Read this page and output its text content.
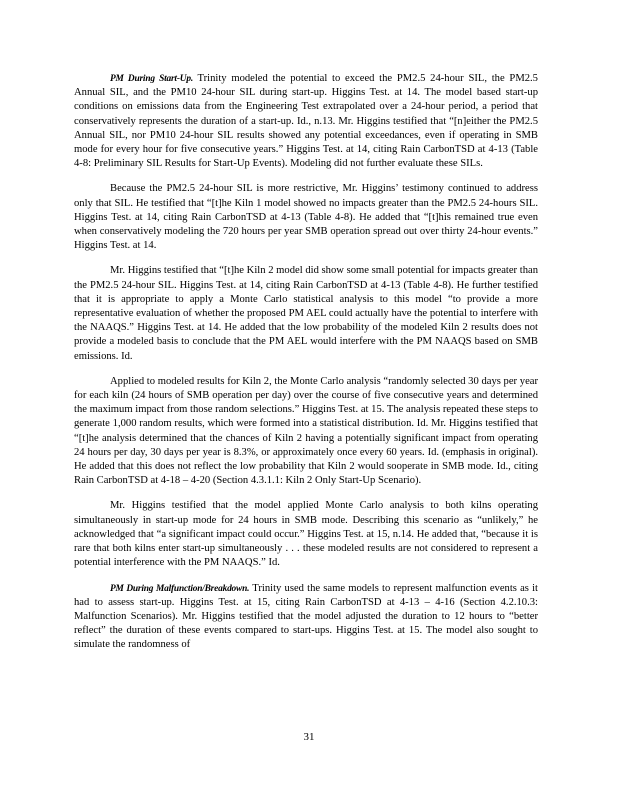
PM During Start-Up. Trinity modeled the potential to exceed the PM2.5 24-hour SIL, the PM2.5 Annual SIL, and the PM10 24-hour SIL during start-up. Higgins Test. at 14. The model based start-up conditions on emissions data from the Engineering Test extrapolated over a 24-hour period, a period that conservatively represents the duration of a start-up. Id., n.13. Mr. Higgins testified that “[n]either the PM2.5 Annual SIL, nor PM10 24-hour SIL results showed any potential exceedances, even if operating in SMB mode for every hour for five consecutive years.” Higgins Test. at 14, citing Rain CarbonTSD at 4-13 (Table 4-8: Preliminary SIL Results for Start-Up Events). Modeling did not further evaluate these SILs.

Because the PM2.5 24-hour SIL is more restrictive, Mr. Higgins’ testimony continued to address only that SIL. He testified that “[t]he Kiln 1 model showed no impacts greater than the PM2.5 24-hours SIL. Higgins Test. at 14, citing Rain CarbonTSD at 4-13 (Table 4-8). He added that “[t]his remained true even when conservatively modeling the 720 hours per year SMB operation spread out over thirty 24-hour events.” Higgins Test. at 14.

Mr. Higgins testified that “[t]he Kiln 2 model did show some small potential for impacts greater than the PM2.5 24-hour SIL. Higgins Test. at 14, citing Rain CarbonTSD at 4-13 (Table 4-8). He further testified that it is appropriate to apply a Monte Carlo statistical analysis to this model “to provide a more representative evaluation of whether the proposed PM AEL could actually have the potential to interfere with the NAAQS.” Higgins Test. at 14. He added that the low probability of the modeled Kiln 2 results does not provide a modeled basis to conclude that the PM AEL would interfere with the PM NAAQS based on SMB emissions. Id.

Applied to modeled results for Kiln 2, the Monte Carlo analysis “randomly selected 30 days per year for each kiln (24 hours of SMB operation per day) over the course of five consecutive years and determined the maximum impact from those random selections.” Higgins Test. at 15. The analysis repeated these steps to generate 1,000 random results, which were formed into a statistical distribution. Id. Mr. Higgins testified that “[t]he analysis determined that the chances of Kiln 2 having a potentially significant impact from operating 24 hours per day, 30 days per year is 8.3%, or approximately once every 60 years. Id. (emphasis in original). He added that this does not reflect the low probability that Kiln 2 would sooperate in SMB mode. Id., citing Rain CarbonTSD at 4-18 – 4-20 (Section 4.3.1.1: Kiln 2 Only Start-Up Scenario).

Mr. Higgins testified that the model applied Monte Carlo analysis to both kilns operating simultaneously in start-up mode for 24 hours in SMB mode. Describing this scenario as “unlikely,” he acknowledged that “a significant impact could occur.” Higgins Test. at 15, n.14. He added that, “because it is rare that both kilns enter start-up simultaneously . . . these modeled results are not considered to represent a potential interference with the PM NAAQS.” Id.

PM During Malfunction/Breakdown. Trinity used the same models to represent malfunction events as it had to assess start-up. Higgins Test. at 15, citing Rain CarbonTSD at 4-13 – 4-16 (Section 4.2.10.3: Malfunction Scenarios). Mr. Higgins testified that the model adjusted the duration to 12 hours to “better reflect” the duration of these events compared to start-ups. Higgins Test. at 15. The model also sought to simulate the randomness of

31
